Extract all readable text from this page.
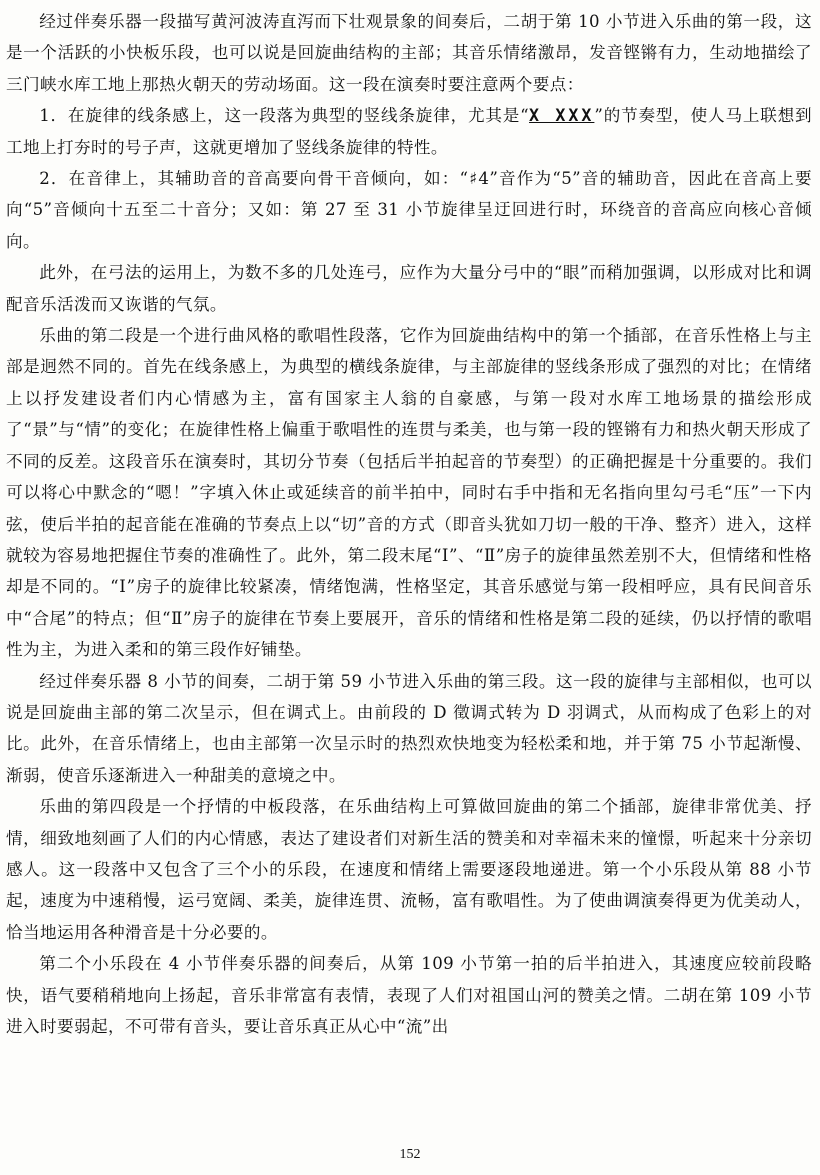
经过伴奏乐器一段描写黄河波涛直泻而下壮观景象的间奏后，二胡于第 10 小节进入乐曲的第一段，这是一个活跃的小快板乐段，也可以说是回旋曲结构的主部；其音乐情绪激昂，发音铿锵有力，生动地描绘了三门峡水库工地上那热火朝天的劳动场面。这一段在演奏时要注意两个要点：

1．在旋律的线条感上，这一段落为典型的竖线条旋律，尤其是“X XXX”的节奏型，使人马上联想到工地上打夯时的号子声，这就更增加了竖线条旋律的特性。

2．在音律上，其辅助音的音高要向骨干音倾向，如：“♯4”音作为“5”音的辅助音，因此在音高上要向“5”音倾向十五至二十音分；又如：第 27 至 31 小节旋律呈迂回进行时，环绕音的音高应向核心音倾向。

此外，在弓法的运用上，为数不多的几处连弓，应作为大量分弓中的“眼”而稍加强调，以形成对比和调配音乐活泼而又诙谐的气氛。

乐曲的第二段是一个进行曲风格的歌唱性段落，它作为回旋曲结构中的第一个插部，在音乐性格上与主部是迥然不同的。首先在线条感上，为典型的横线条旋律，与主部旋律的竖线条形成了强烈的对比；在情绪上以抒发建设者们内心情感为主，富有国家主人翁的自豪感，与第一段对水库工地场景的描绘形成了“景”与“情”的变化；在旋律性格上偏重于歌唱性的连贯与柔美，也与第一段的铿锵有力和热火朝天形成了不同的反差。这段音乐在演奏时，其切分节奏（包括后半拍起音的节奏型）的正确把握是十分重要的。我们可以将心中默念的“嗯！”字填入休止或延续音的前半拍中，同时右手中指和无名指向里勾弓毛“压”一下内弦，使后半拍的起音能在准确的节奏点上以“切”音的方式（即音头犹如刀切一般的干净、整齐）进入，这样就较为容易地把握住节奏的准确性了。此外，第二段末尾“Ⅰ”、“Ⅱ”房子的旋律虽然差别不大，但情绪和性格却是不同的。“Ⅰ”房子的旋律比较紧凑，情绪饱满，性格坚定，其音乐感觉与第一段相呼应，具有民间音乐中“合尾”的特点；但“Ⅱ”房子的旋律在节奏上要展开，音乐的情绪和性格是第二段的延续，仍以抒情的歌唱性为主，为进入柔和的第三段作好铺垫。

经过伴奏乐器 8 小节的间奏，二胡于第 59 小节进入乐曲的第三段。这一段的旋律与主部相似，也可以说是回旋曲主部的第二次呈示，但在调式上。由前段的 D 徵调式转为 D 羽调式，从而构成了色彩上的对比。此外，在音乐情绪上，也由主部第一次呈示时的热烈欢快地变为轻松柔和地，并于第 75 小节起渐慢、渐弱，使音乐逐渐进入一种甜美的意境之中。

乐曲的第四段是一个抒情的中板段落，在乐曲结构上可算做回旋曲的第二个插部，旋律非常优美、抒情，细致地刻画了人们的内心情感，表达了建设者们对新生活的赞美和对幸福未来的憧憬，听起来十分亲切感人。这一段落中又包含了三个小的乐段，在速度和情绪上需要逐段地递进。第一个小乐段从第 88 小节起，速度为中速稍慢，运弓宽阔、柔美，旋律连贯、流畅，富有歌唱性。为了使曲调演奏得更为优美动人，恰当地运用各种滑音是十分必要的。

第二个小乐段在 4 小节伴奏乐器的间奏后，从第 109 小节第一拍的后半拍进入，其速度应较前段略快，语气要稍稍地向上扬起，音乐非常富有表情，表现了人们对祖国山河的赞美之情。二胡在第 109 小节进入时要弱起，不可带有音头，要让音乐真正从心中“流”出

152
